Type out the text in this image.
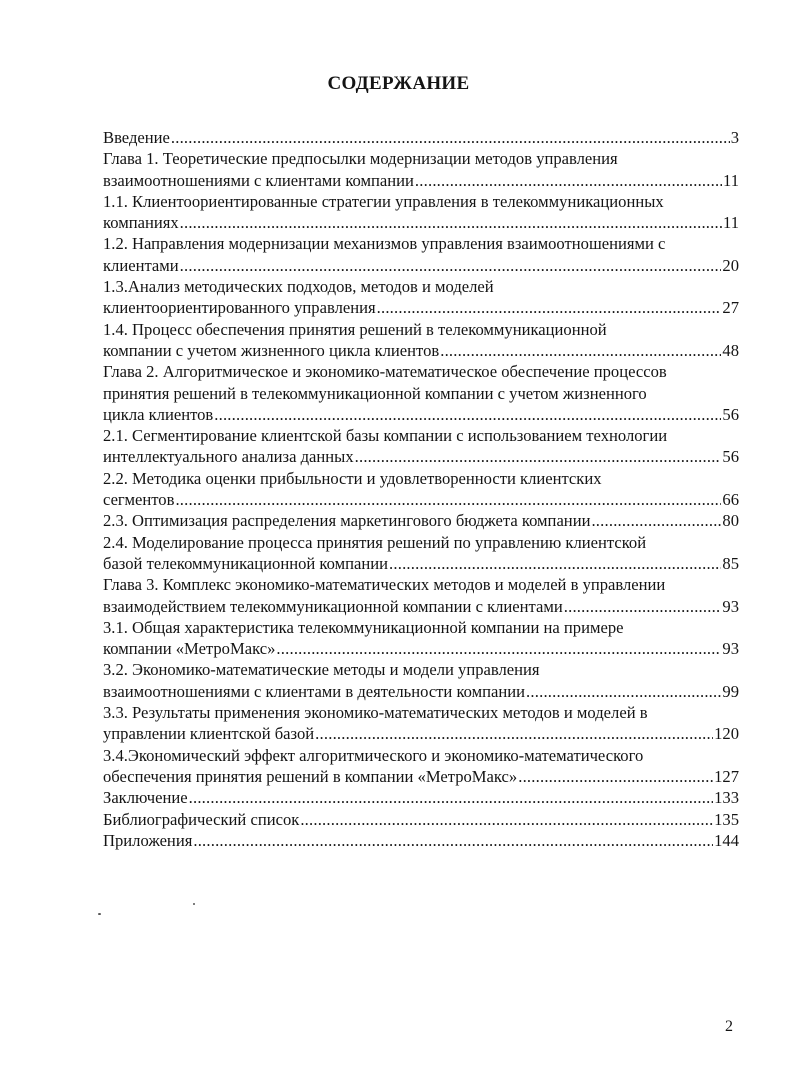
СОДЕРЖАНИЕ
Введение .....	3
Глава 1. Теоретические предпосылки модернизации методов управления
взаимоотношениями с клиентами компании .....	11
1.1. Клиентоориентированные стратегии управления в телекоммуникационных
компаниях .....	11
1.2. Направления модернизации механизмов управления взаимоотношениями с
клиентами .....	20
1.3.Анализ методических подходов, методов и моделей
клиентоориентированного управления .....	27
1.4. Процесс обеспечения принятия решений в телекоммуникационной
компании с учетом жизненного цикла клиентов .....	48
Глава 2. Алгоритмическое и экономико-математическое обеспечение процессов
принятия решений в телекоммуникационной компании с учетом жизненного
цикла клиентов .....	56
2.1. Сегментирование клиентской базы компании с использованием технологии
интеллектуального анализа данных .....	56
2.2. Методика оценки прибыльности и удовлетворенности клиентских
сегментов .....	66
2.3. Оптимизация распределения маркетингового бюджета компании .....	80
2.4. Моделирование процесса принятия решений по управлению клиентской
базой телекоммуникационной компании .....	85
Глава 3. Комплекс экономико-математических методов и моделей в управлении
взаимодействием телекоммуникационной компании с клиентами .....	93
3.1. Общая характеристика телекоммуникационной компании на примере
компании «МетроМакс» .....	93
3.2. Экономико-математические методы и модели управления
взаимоотношениями с клиентами в деятельности компании .....	99
3.3. Результаты применения экономико-математических методов и моделей в
управлении клиентской базой .....	120
3.4.Экономический эффект алгоритмического и экономико-математического
обеспечения принятия решений в компании «МетроМакс» .....	127
Заключение .....	133
Библиографический список .....	135
Приложения .....	144
2
